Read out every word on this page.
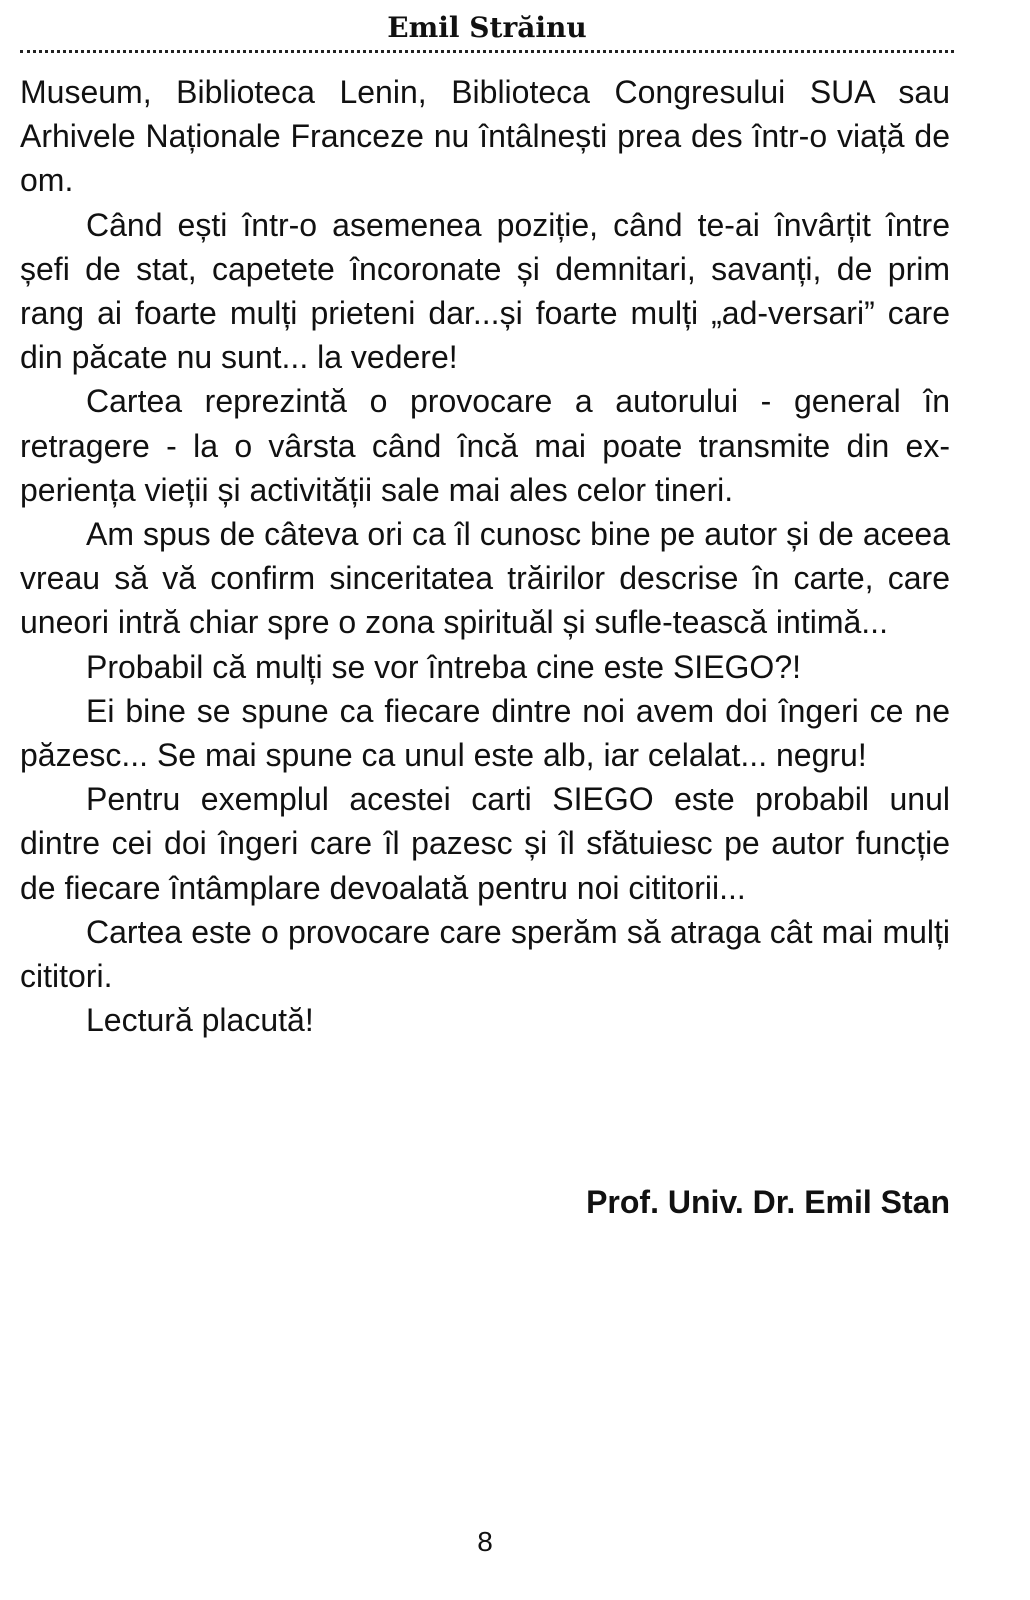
Emil Străinu

Museum, Biblioteca Lenin, Biblioteca Congresului SUA sau Arhivele Naționale Franceze nu întâlnești prea des într-o viață de om.

Când ești într-o asemenea poziție, când te-ai învârțit între șefi de stat, capetete încoronate și demnitari, savanți, de prim rang ai foarte mulți prieteni dar...și foarte mulți „ad-versari” care din păcate nu sunt... la vedere!

Cartea reprezintă o provocare a autorului - general în retragere - la o vârsta când încă mai poate transmite din ex-periența vieții și activității sale mai ales celor tineri.

Am spus de câteva ori ca îl cunosc bine pe autor și de aceea vreau să vă confirm sinceritatea trăirilor descrise în carte, care uneori intră chiar spre o zona spirituăl și sufle-tească intimă...

Probabil că mulți se vor întreba cine este SIEGO?!

Ei bine se spune ca fiecare dintre noi avem doi îngeri ce ne păzesc... Se mai spune ca unul este alb, iar celalat... negru!

Pentru exemplul acestei carti SIEGO este probabil unul dintre cei doi îngeri care îl pazesc și îl sfătuiesc pe autor funcție de fiecare întâmplare devoalată pentru noi cititorii...

Cartea este o provocare care sperăm să atraga cât mai mulți cititori.

Lectură placută!

Prof. Univ. Dr. Emil Stan
8
